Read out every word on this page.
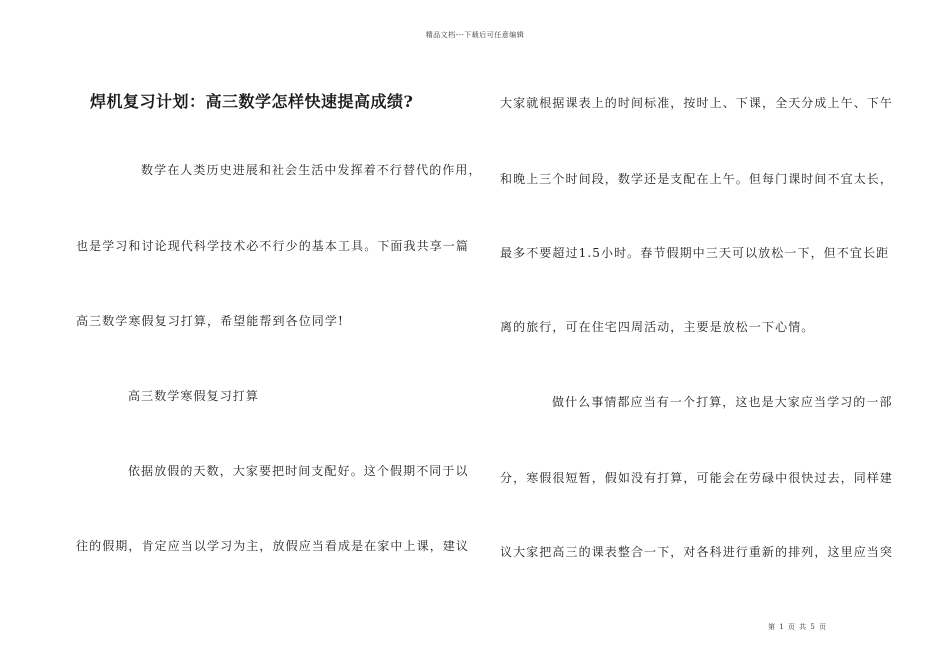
精品文档---下载后可任意编辑
焊机复习计划：高三数学怎样快速提高成绩?
数学在人类历史进展和社会生活中发挥着不行替代的作用，
也是学习和讨论现代科学技术必不行少的基本工具。下面我共享一篇
高三数学寒假复习打算，希望能帮到各位同学!
高三数学寒假复习打算
依据放假的天数，大家要把时间支配好。这个假期不同于以
往的假期，肯定应当以学习为主，放假应当看成是在家中上课，建议
大家就根据课表上的时间标准，按时上、下课，全天分成上午、下午
和晚上三个时间段，数学还是支配在上午。但每门课时间不宜太长，
最多不要超过1.5小时。春节假期中三天可以放松一下，但不宜长距
离的旅行，可在住宅四周活动，主要是放松一下心情。
做什么事情都应当有一个打算，这也是大家应当学习的一部
分，寒假很短暂，假如没有打算，可能会在劳碌中很快过去，同样建
议大家把高三的课表整合一下，对各科进行重新的排列，这里应当突
第 1 页 共 5 页
